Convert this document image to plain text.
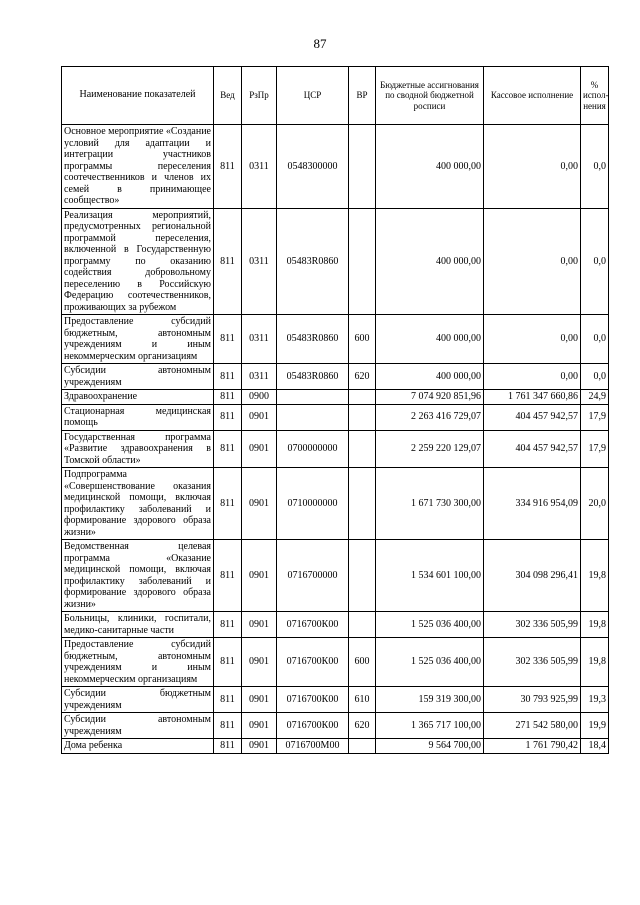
87
Наименование показателей	Вед	РзПр	ЦСР	ВР	Бюджетные ассигнования по сводной бюджетной росписи	Кассовое исполнение	% испол-нения
Основное мероприятие «Создание условий для адаптации и интеграции участников программы переселения соотечественников и членов их семей в принимающее сообщество»	811	0311	0548300000		400 000,00	0,00	0,0
Реализация мероприятий, предусмотренных региональной программой переселения, включенной в Государственную программу по оказанию содействия добровольному переселению в Российскую Федерацию соотечественников, проживающих за рубежом	811	0311	05483R0860		400 000,00	0,00	0,0
Предоставление субсидий бюджетным, автономным учреждениям и иным некоммерческим организациям	811	0311	05483R0860	600	400 000,00	0,00	0,0
Субсидии автономным учреждениям	811	0311	05483R0860	620	400 000,00	0,00	0,0
Здравоохранение	811	0900			7 074 920 851,96	1 761 347 660,86	24,9
Стационарная медицинская помощь	811	0901			2 263 416 729,07	404 457 942,57	17,9
Государственная программа «Развитие здравоохранения в Томской области»	811	0901	0700000000		2 259 220 129,07	404 457 942,57	17,9
Подпрограмма «Совершенствование оказания медицинской помощи, включая профилактику заболеваний и формирование здорового образа жизни»	811	0901	0710000000		1 671 730 300,00	334 916 954,09	20,0
Ведомственная целевая программа «Оказание медицинской помощи, включая профилактику заболеваний и формирование здорового образа жизни»	811	0901	0716700000		1 534 601 100,00	304 098 296,41	19,8
Больницы, клиники, госпитали, медико-санитарные части	811	0901	0716700К00		1 525 036 400,00	302 336 505,99	19,8
Предоставление субсидий бюджетным, автономным учреждениям и иным некоммерческим организациям	811	0901	0716700К00	600	1 525 036 400,00	302 336 505,99	19,8
Субсидии бюджетным учреждениям	811	0901	0716700К00	610	159 319 300,00	30 793 925,99	19,3
Субсидии автономным учреждениям	811	0901	0716700К00	620	1 365 717 100,00	271 542 580,00	19,9
Дома ребенка	811	0901	0716700М00		9 564 700,00	1 761 790,42	18,4
